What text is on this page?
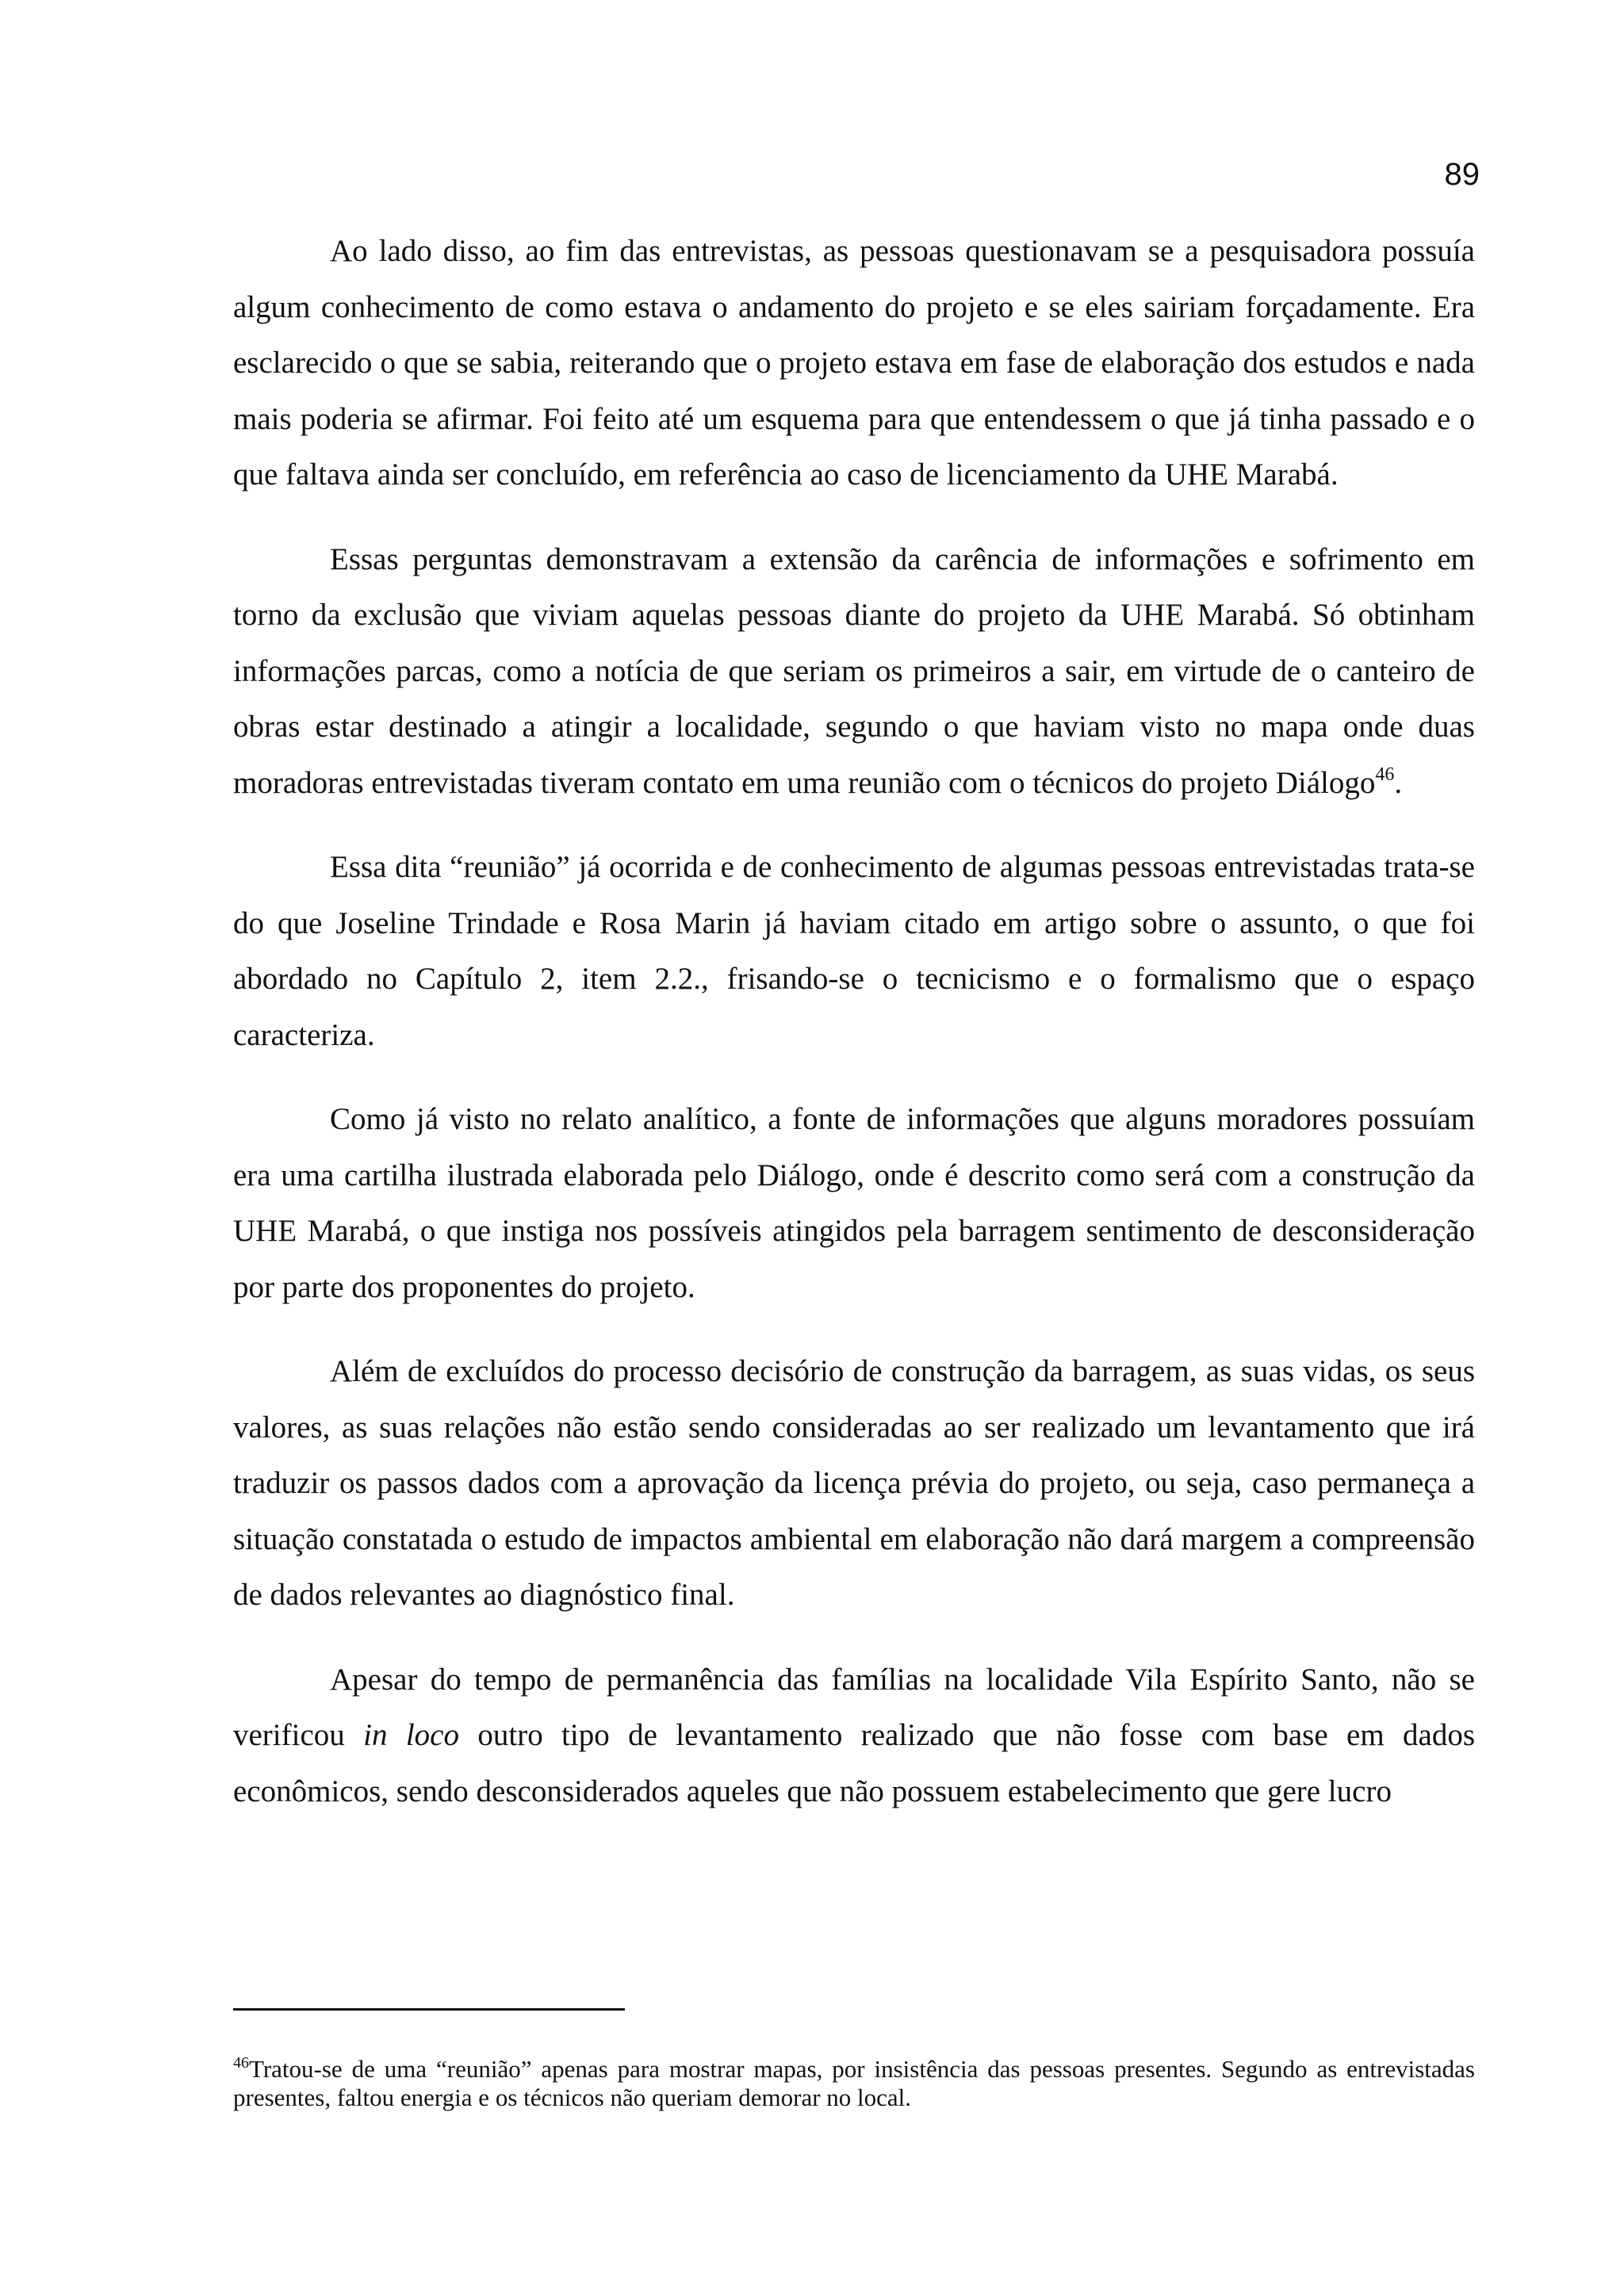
89

Ao lado disso, ao fim das entrevistas, as pessoas questionavam se a pesquisadora possuía algum conhecimento de como estava o andamento do projeto e se eles sairiam forçadamente. Era esclarecido o que se sabia, reiterando que o projeto estava em fase de elaboração dos estudos e nada mais poderia se afirmar. Foi feito até um esquema para que entendessem o que já tinha passado e o que faltava ainda ser concluído, em referência ao caso de licenciamento da UHE Marabá.

Essas perguntas demonstravam a extensão da carência de informações e sofrimento em torno da exclusão que viviam aquelas pessoas diante do projeto da UHE Marabá. Só obtinham informações parcas, como a notícia de que seriam os primeiros a sair, em virtude de o canteiro de obras estar destinado a atingir a localidade, segundo o que haviam visto no mapa onde duas moradoras entrevistadas tiveram contato em uma reunião com o técnicos do projeto Diálogo$^{46}$.

Essa dita “reunião” já ocorrida e de conhecimento de algumas pessoas entrevistadas trata-se do que Joseline Trindade e Rosa Marin já haviam citado em artigo sobre o assunto, o que foi abordado no Capítulo 2, item 2.2., frisando-se o tecnicismo e o formalismo que o espaço caracteriza.

Como já visto no relato analítico, a fonte de informações que alguns moradores possuíam era uma cartilha ilustrada elaborada pelo Diálogo, onde é descrito como será com a construção da UHE Marabá, o que instiga nos possíveis atingidos pela barragem sentimento de desconsideração por parte dos proponentes do projeto.

Além de excluídos do processo decisório de construção da barragem, as suas vidas, os seus valores, as suas relações não estão sendo consideradas ao ser realizado um levantamento que irá traduzir os passos dados com a aprovação da licença prévia do projeto, ou seja, caso permaneça a situação constatada o estudo de impactos ambiental em elaboração não dará margem a compreensão de dados relevantes ao diagnóstico final.

Apesar do tempo de permanência das famílias na localidade Vila Espírito Santo, não se verificou in loco outro tipo de levantamento realizado que não fosse com base em dados econômicos, sendo desconsiderados aqueles que não possuem estabelecimento que gere lucro

$^{46}$Tratou-se de uma “reunião” apenas para mostrar mapas, por insistência das pessoas presentes. Segundo as entrevistadas presentes, faltou energia e os técnicos não queriam demorar no local.
